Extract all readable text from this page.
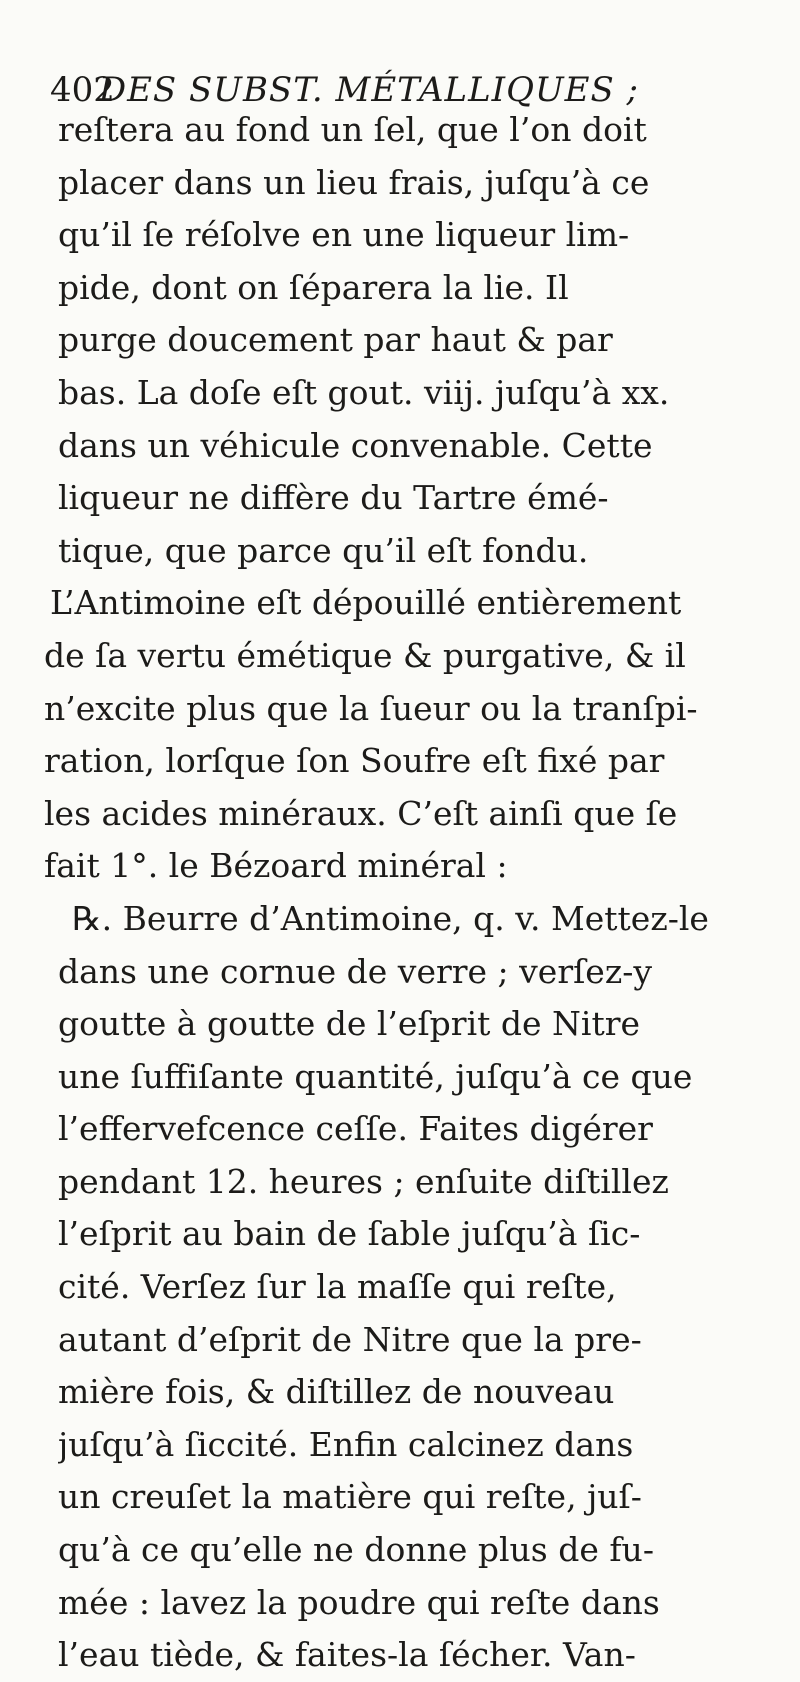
402 DES SUBST. MÉTALLIQUES ;
reſtera au fond un ſel, que l’on doit
placer dans un lieu frais, juſqu’à ce
qu’il ſe réſolve en une liqueur lim-
pide, dont on ſéparera la lie. Il
purge doucement par haut & par
bas. La doſe eſt gout. viij. juſqu’à xx.
dans un véhicule convenable. Cette
liqueur ne diffère du Tartre émé-
tique, que parce qu’il eſt fondu.
L’Antimoine eſt dépouillé entièrement
de ſa vertu émétique & purgative, & il
n’excite plus que la ſueur ou la tranſpi-
ration, lorſque ſon Soufre eſt fixé par
les acides minéraux. C’eſt ainſi que ſe
fait 1°. le Bézoard minéral :
℞. Beurre d’Antimoine, q. v. Mettez-le
dans une cornue de verre ; verſez-y
goutte à goutte de l’eſprit de Nitre
une ſuffiſante quantité, juſqu’à ce que
l’effervefcence ceſſe. Faites digérer
pendant 12. heures ; enſuite diſtillez
l’eſprit au bain de ſable juſqu’à ſic-
cité. Verſez ſur la maſſe qui reſte,
autant d’eſprit de Nitre que la pre-
mière fois, & diſtillez de nouveau
juſqu’à ſiccité. Enfin calcinez dans
un creuſet la matière qui reſte, juſ-
qu’à ce qu’elle ne donne plus de fu-
mée : lavez la poudre qui reſte dans
l’eau tiède, & faites-la ſécher. Van-
